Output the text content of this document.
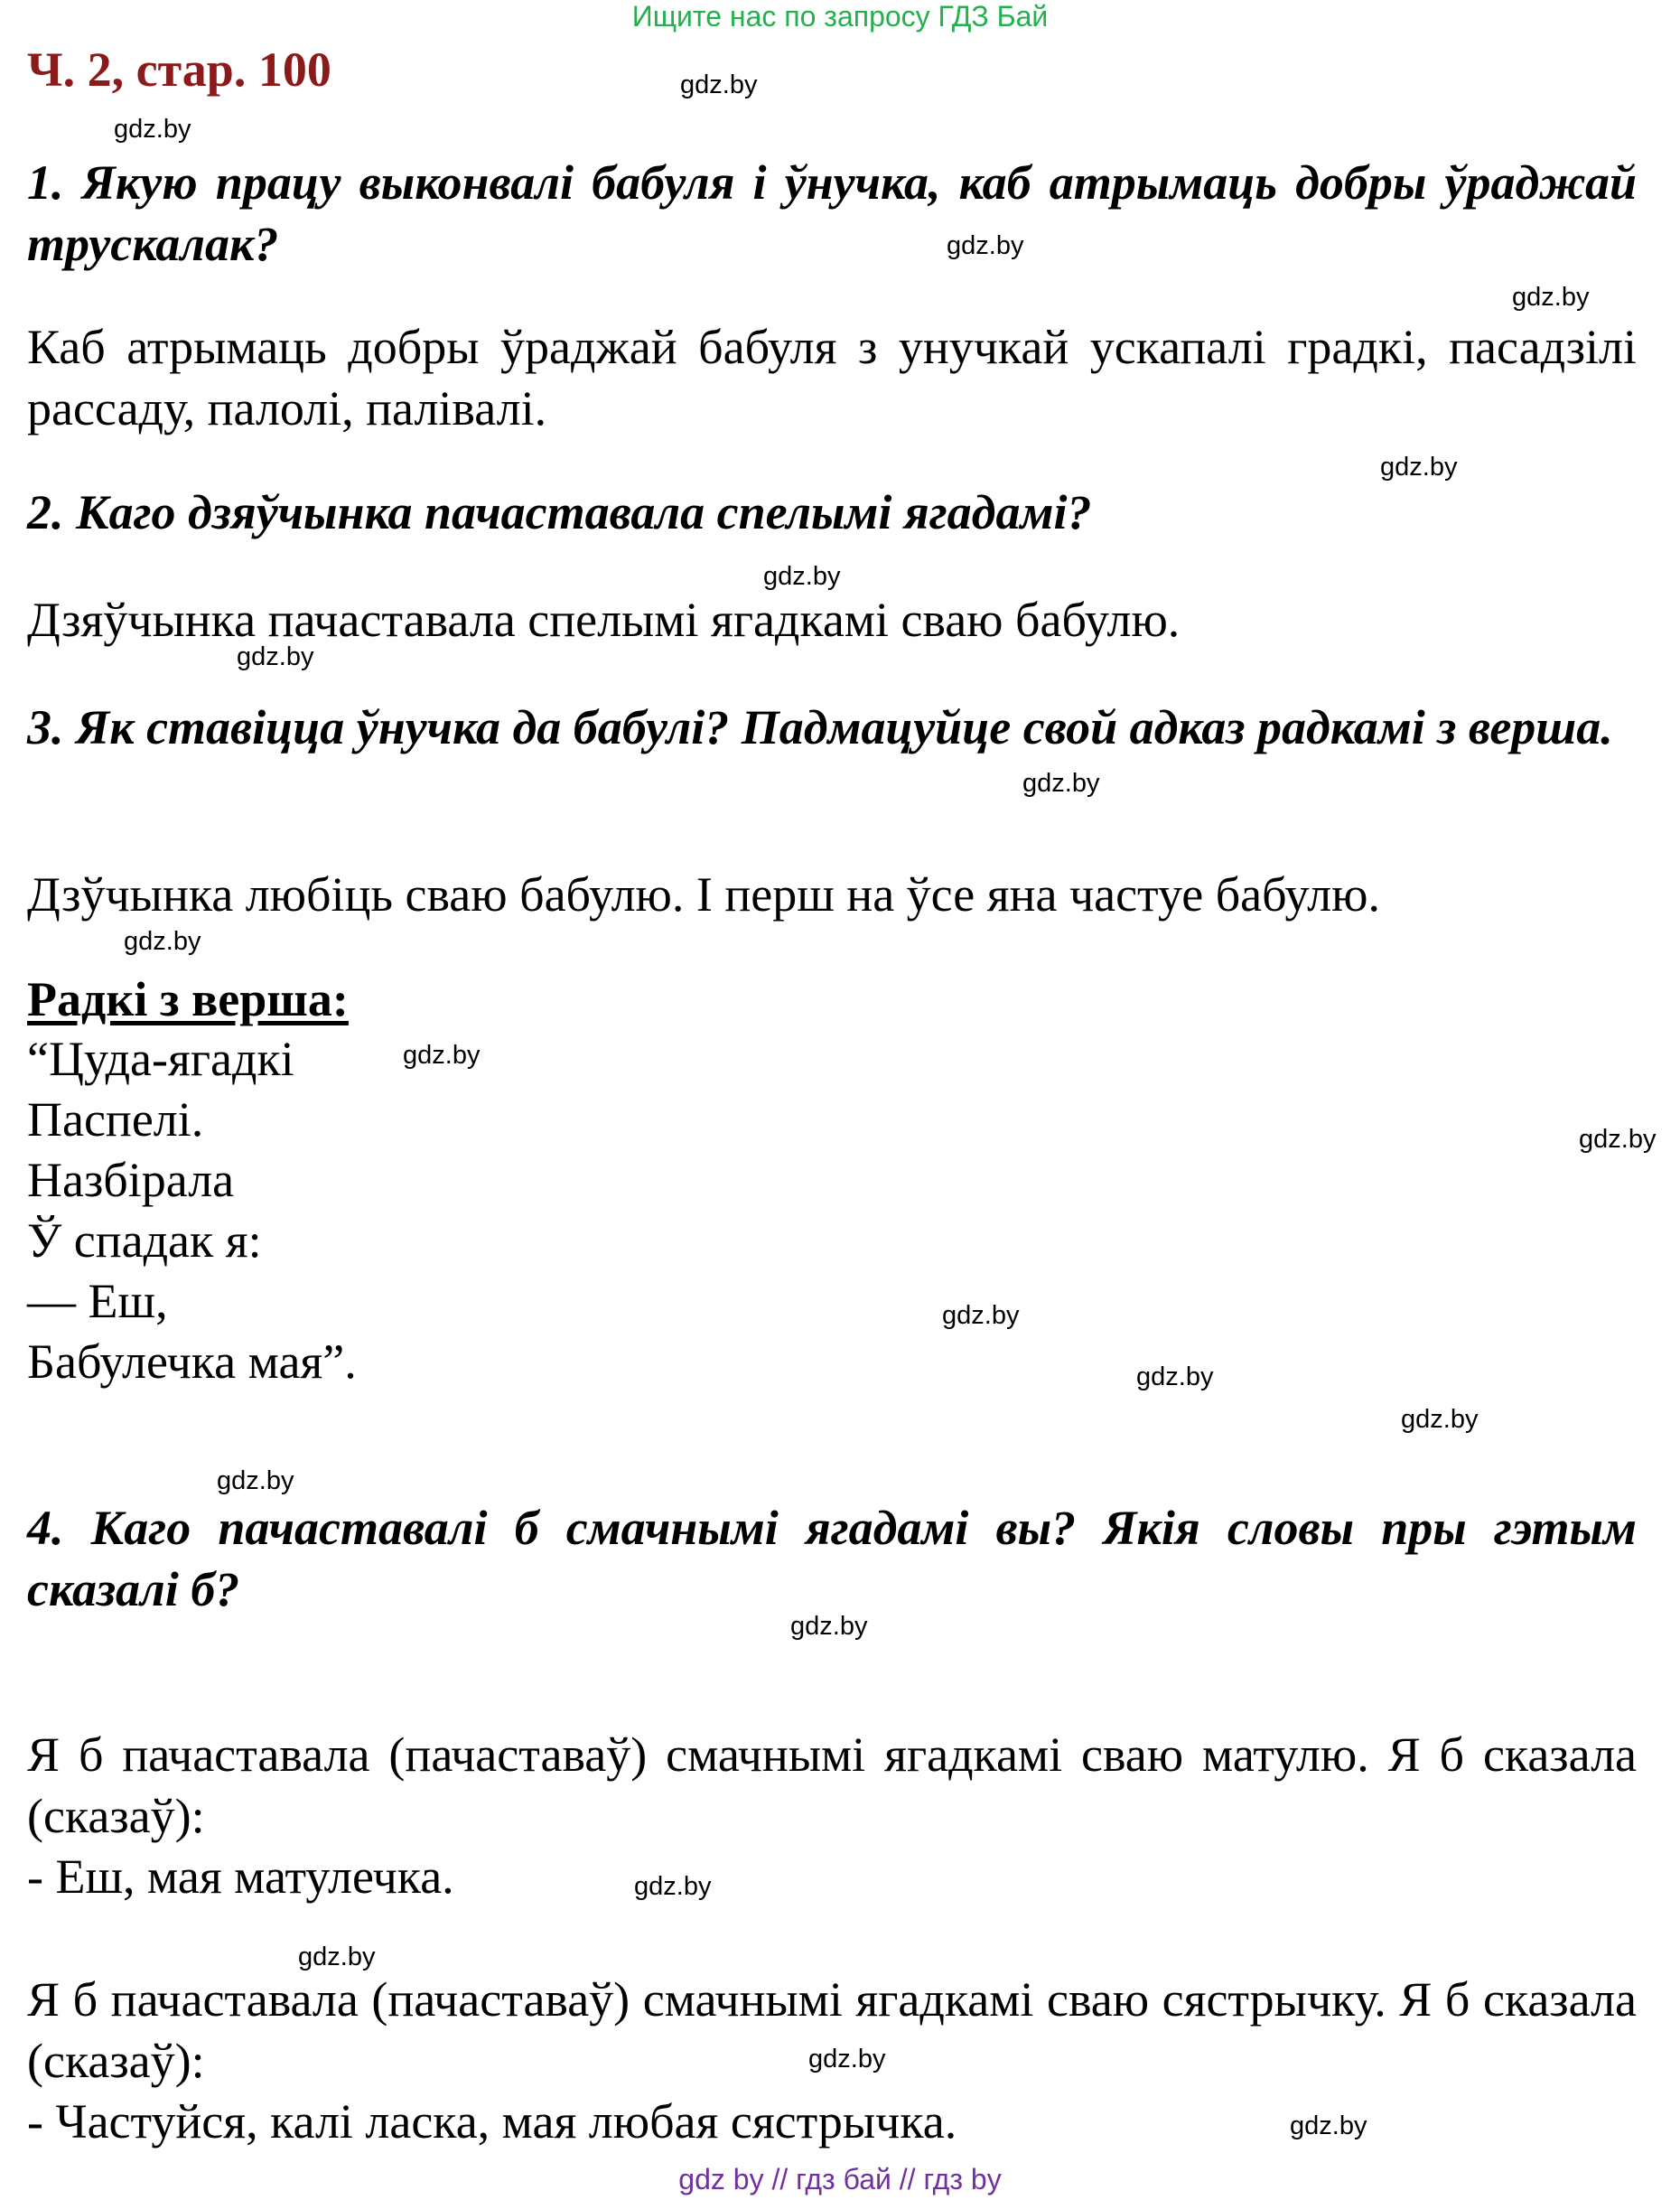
Ищите нас по запросу ГДЗ Бай
Ч. 2, стар. 100
1. Якую працу выконвалі бабуля і ўнучка, каб атрымаць добры ўраджай трускалак?
Каб атрымаць добры ўраджай бабуля з унучкай ускапалі градкі, пасадзілі рассаду, палолі, палівалі.
2. Каго дзяўчынка пачаставала спелымі ягадамі?
Дзяўчынка пачаставала спелымі ягадкамі сваю бабулю.
3. Як ставіцца ўнучка да бабулі? Падмацуйце свой адказ радкамі з верша.
Дзўчынка любіць сваю бабулю. І перш на ўсе яна частуе бабулю.
Радкі з верша:
“Цуда-ягадкі
Паспелі.
Назбірала
Ў спадак я:
— Еш,
Бабулечка мая”.
4. Каго пачаставалі б смачнымі ягадамі вы? Якія словы пры гэтым сказалі б?
Я б пачаставала (пачаставаў) смачнымі ягадкамі сваю матулю. Я б сказала (сказаў):
- Еш, мая матулечка.
Я б пачаставала (пачаставаў) смачнымі ягадкамі сваю сястрычку. Я б сказала (сказаў):
- Частуйся, калі ласка, мая любая сястрычка.
gdz.by
gdz.by
gdz.by
gdz.by
gdz.by
gdz.by
gdz.by
gdz.by
gdz.by
gdz.by
gdz.by
gdz.by
gdz.by
gdz.by
gdz.by
gdz.by
gdz.by
gdz.by
gdz.by
gdz.by
gdz by // гдз бай // гдз by
